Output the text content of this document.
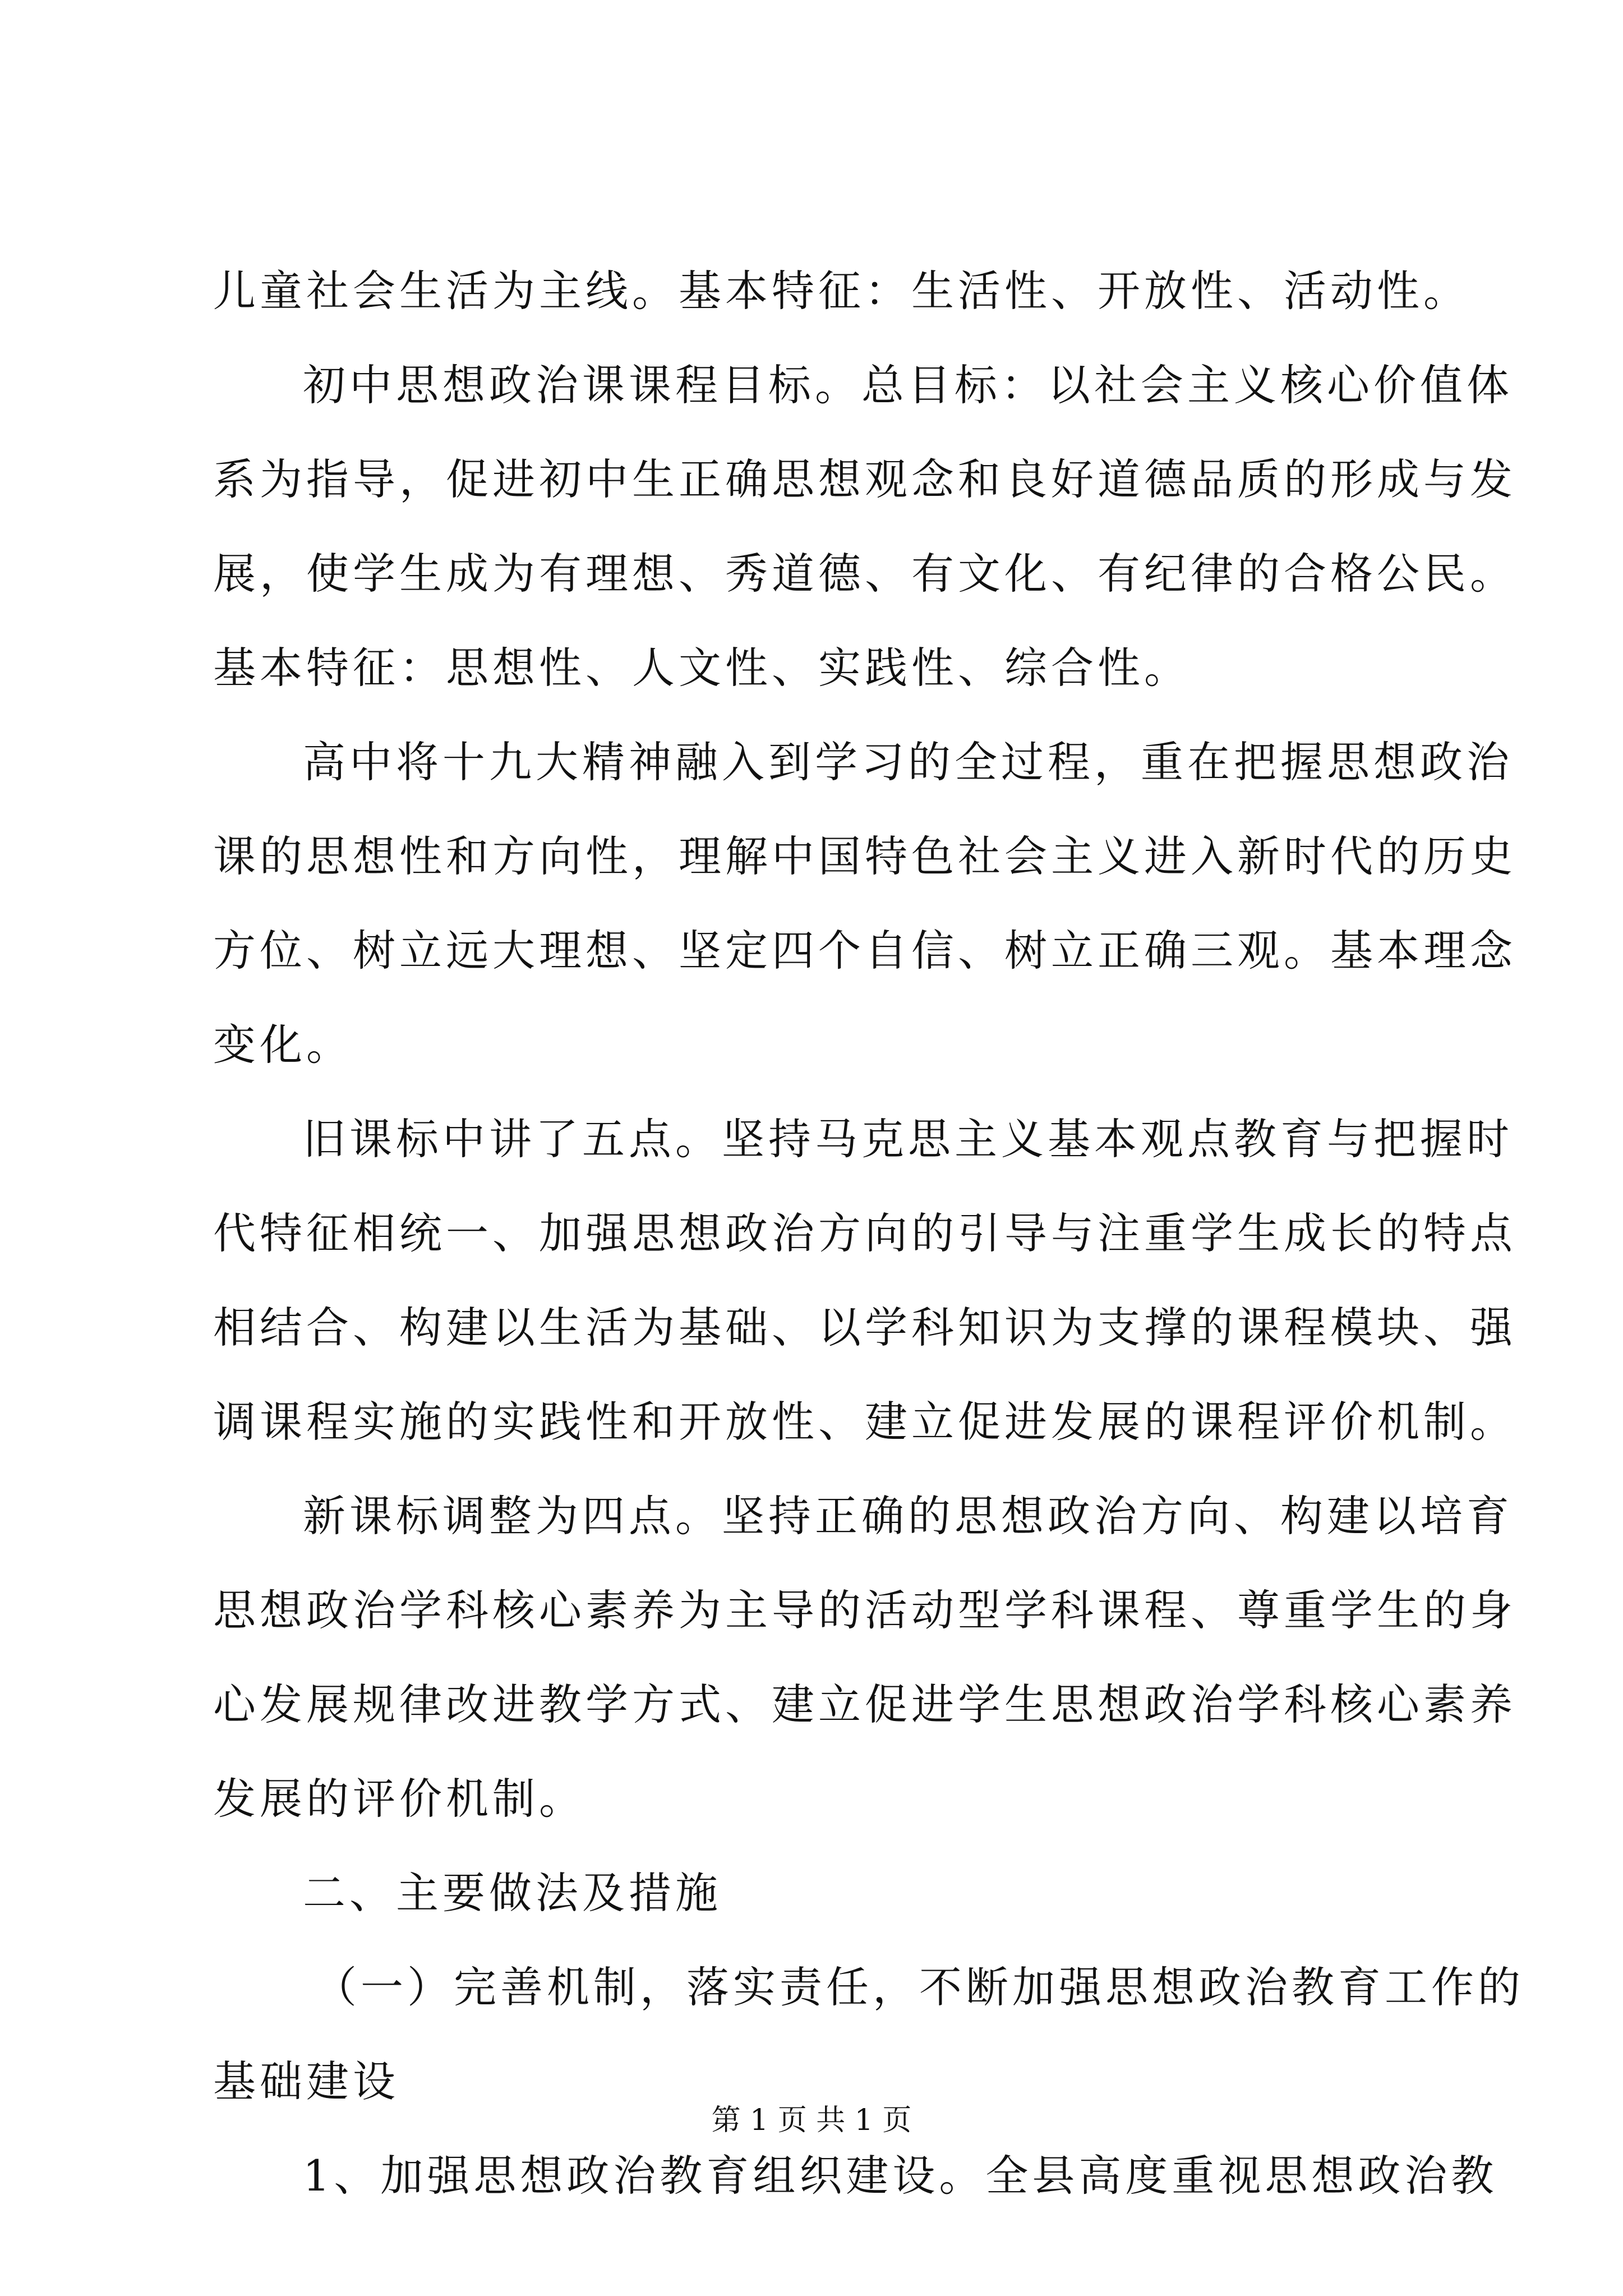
儿童社会生活为主线。基本特征：生活性、开放性、活动性。
初中思想政治课课程目标。总目标：以社会主义核心价值体
系为指导，促进初中生正确思想观念和良好道德品质的形成与发
展，使学生成为有理想、秀道德、有文化、有纪律的合格公民。
基本特征：思想性、人文性、实践性、综合性。
高中将十九大精神融入到学习的全过程，重在把握思想政治
课的思想性和方向性，理解中国特色社会主义进入新时代的历史
方位、树立远大理想、坚定四个自信、树立正确三观。基本理念
变化。
旧课标中讲了五点。坚持马克思主义基本观点教育与把握时
代特征相统一、加强思想政治方向的引导与注重学生成长的特点
相结合、构建以生活为基础、以学科知识为支撑的课程模块、强
调课程实施的实践性和开放性、建立促进发展的课程评价机制。
新课标调整为四点。坚持正确的思想政治方向、构建以培育
思想政治学科核心素养为主导的活动型学科课程、尊重学生的身
心发展规律改进教学方式、建立促进学生思想政治学科核心素养
发展的评价机制。
二、主要做法及措施
（一）完善机制，落实责任，不断加强思想政治教育工作的
基础建设
1、加强思想政治教育组织建设。全县高度重视思想政治教
第 1 页 共 1 页
